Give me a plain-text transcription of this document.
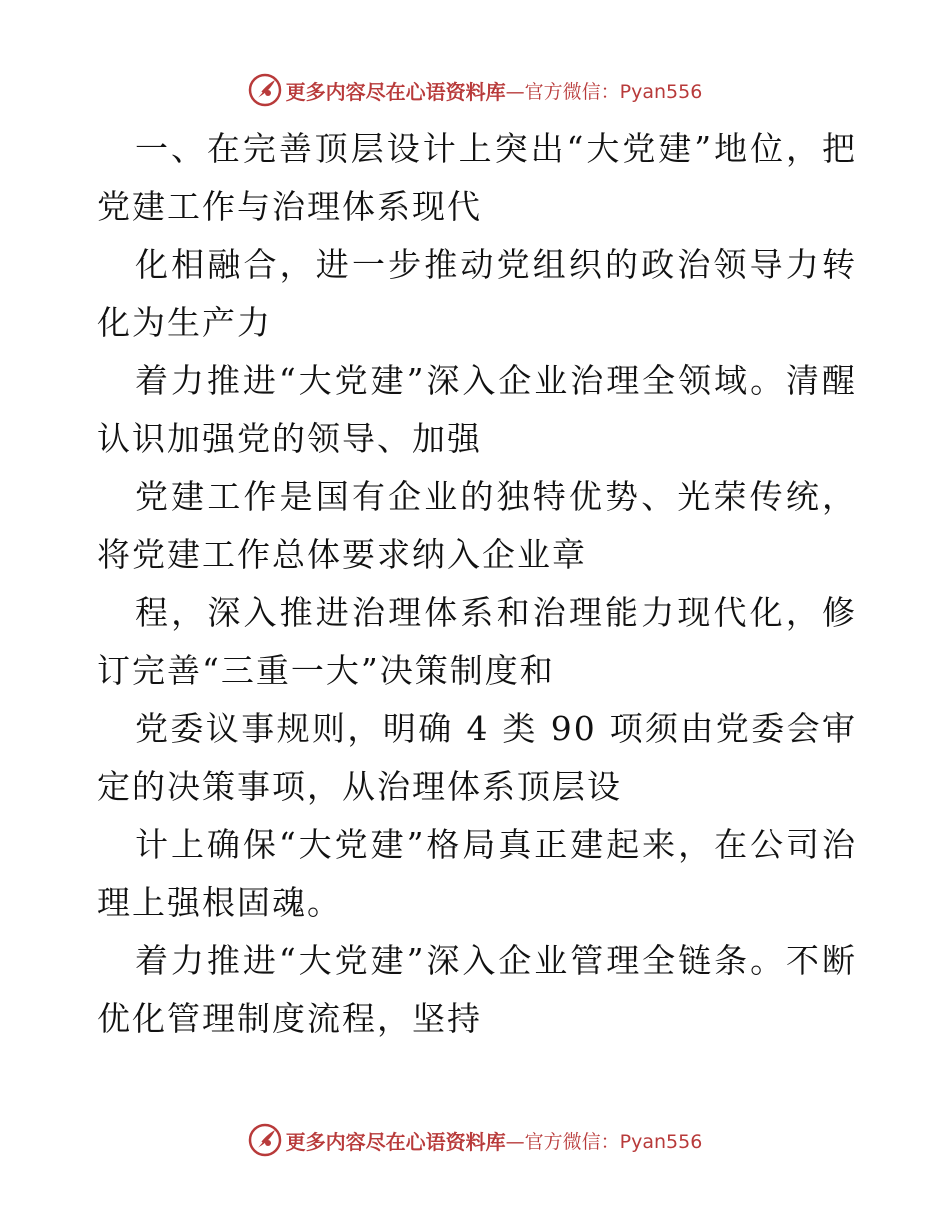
更多内容尽在心语资料库 —官方微信：Pyan556

一、在完善顶层设计上突出“大党建”地位，把党建工作与治理体系现代

化相融合，进一步推动党组织的政治领导力转化为生产力

着力推进“大党建”深入企业治理全领域。清醒认识加强党的领导、加强

党建工作是国有企业的独特优势、光荣传统，将党建工作总体要求纳入企业章

程，深入推进治理体系和治理能力现代化，修订完善“三重一大”决策制度和

党委议事规则，明确 4 类 90 项须由党委会审定的决策事项，从治理体系顶层设

计上确保“大党建”格局真正建起来，在公司治理上强根固魂。

着力推进“大党建”深入企业管理全链条。不断优化管理制度流程，坚持

更多内容尽在心语资料库 —官方微信：Pyan556
